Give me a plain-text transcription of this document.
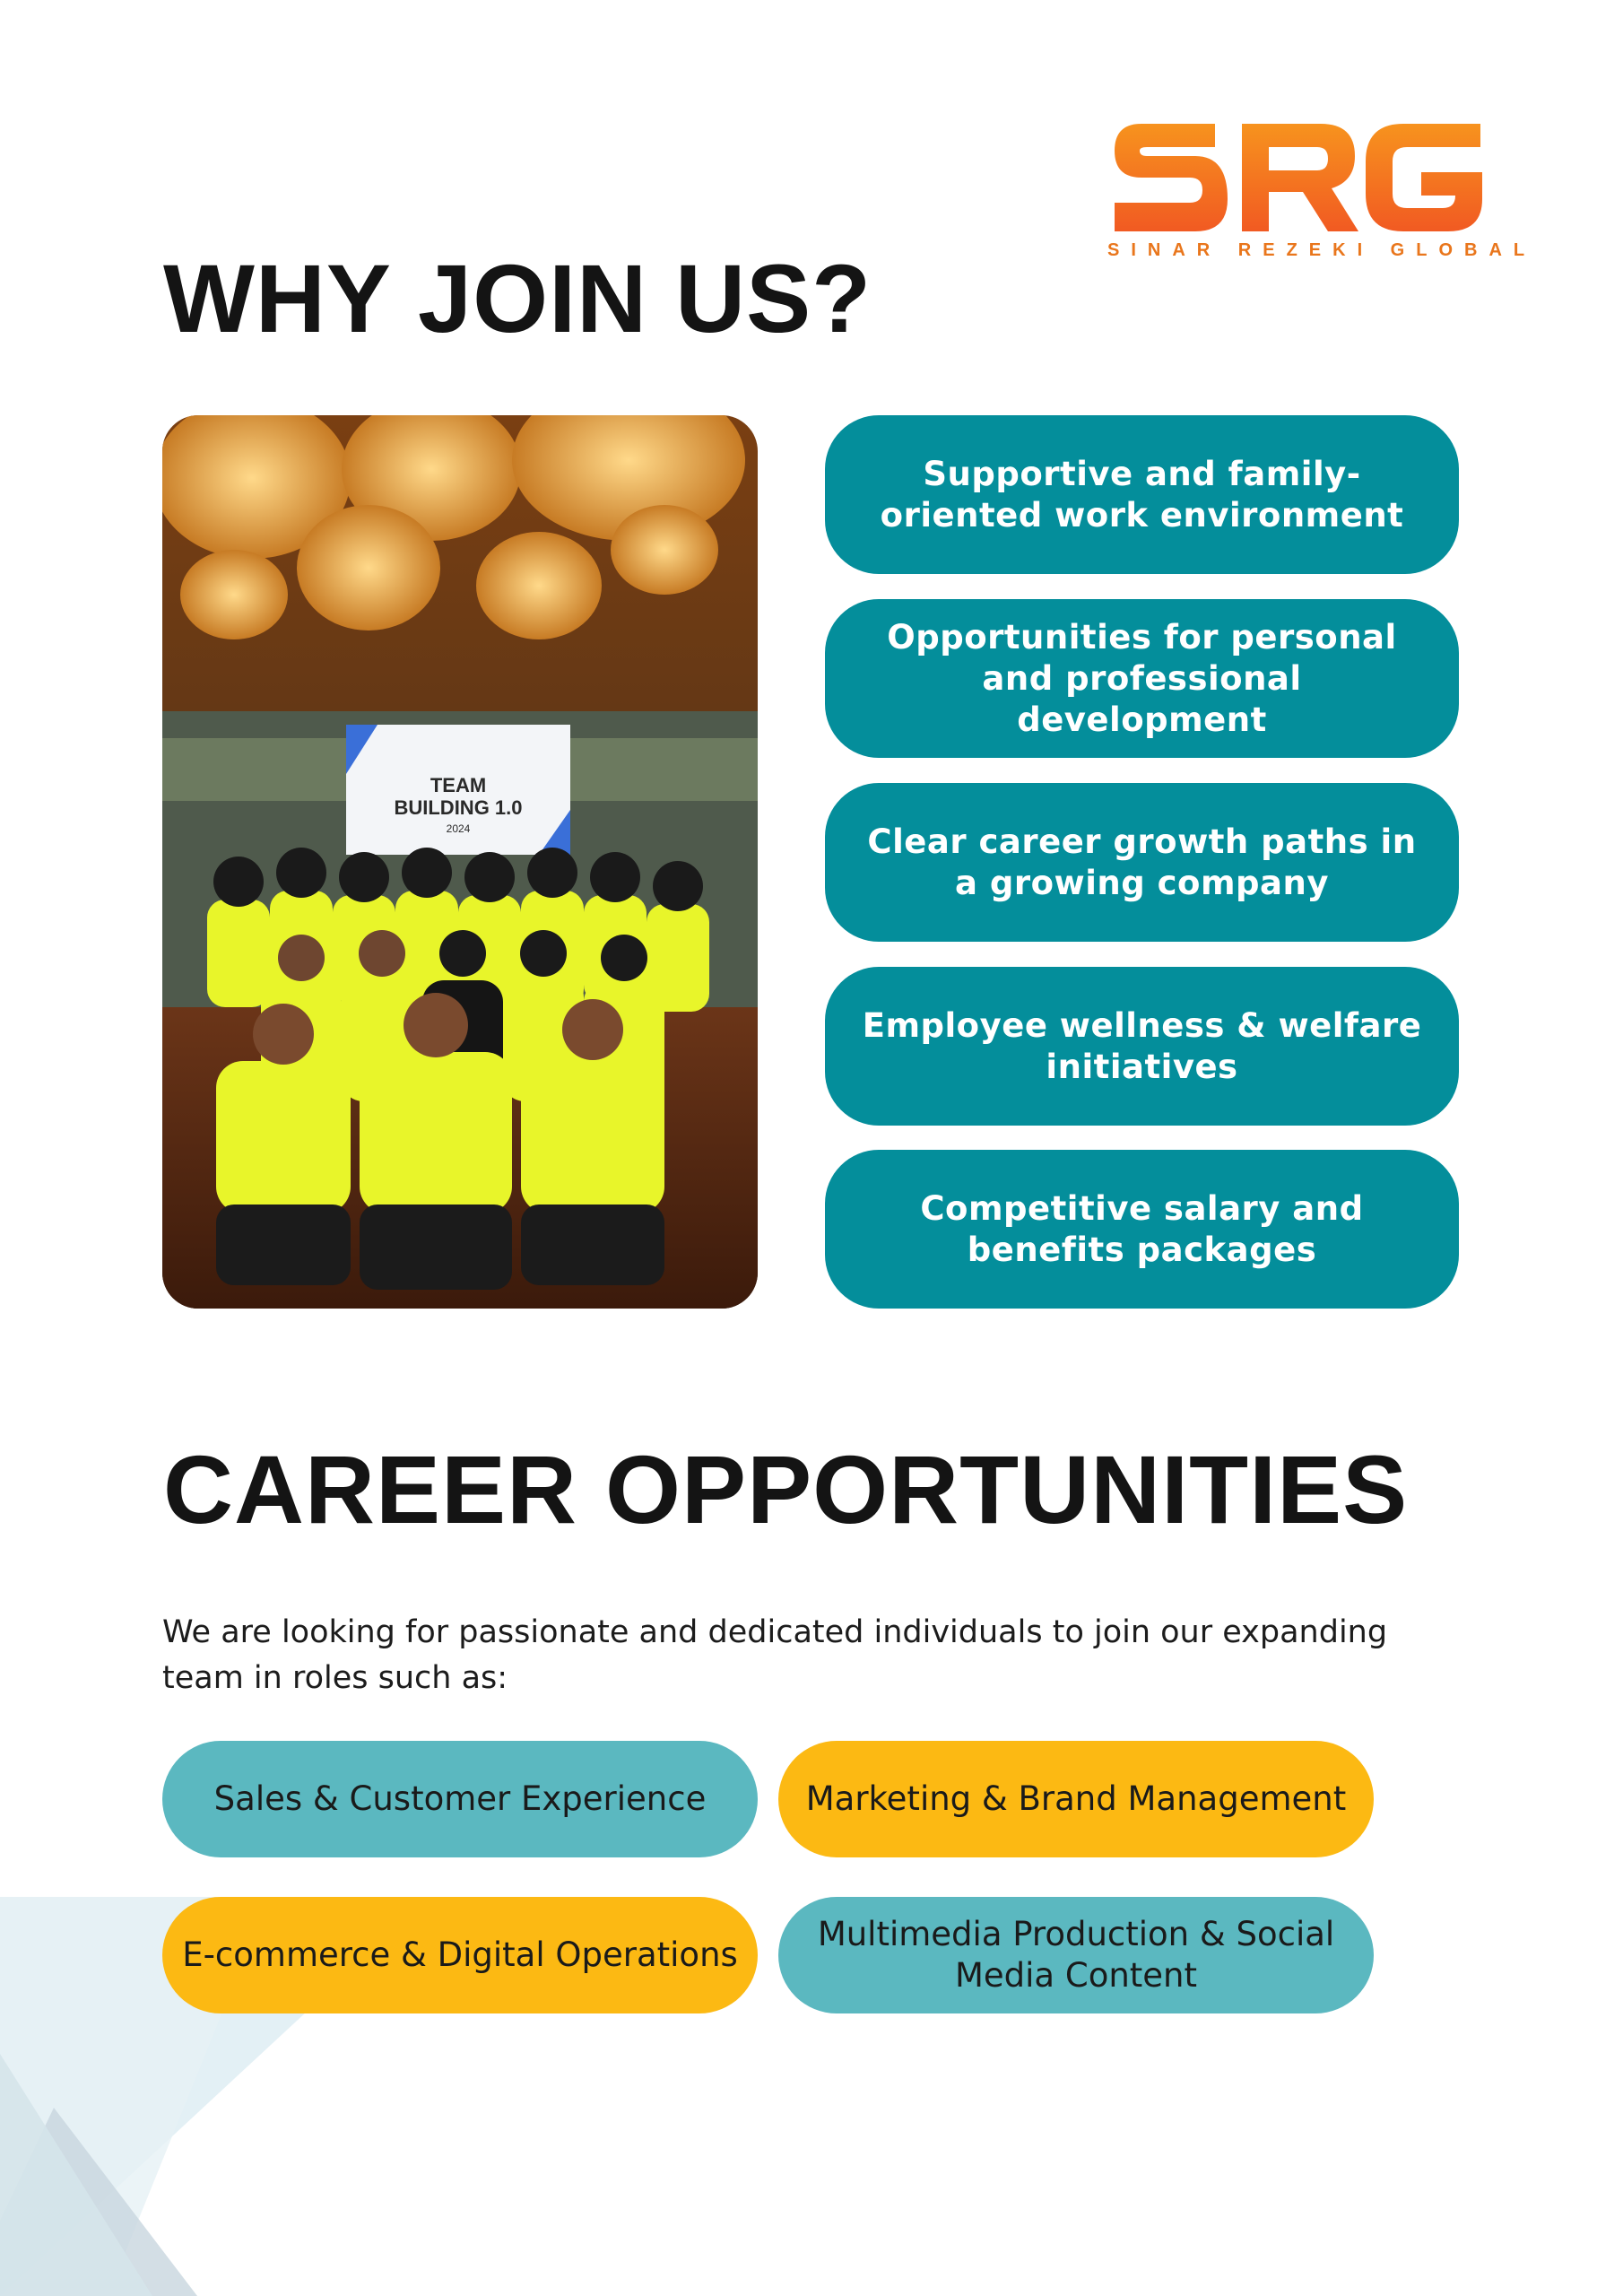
SINAR REZEKI GLOBAL
WHY JOIN US?
TEAM
BUILDING 1.0
2024
Supportive and family-oriented work environment
Opportunities for personal and professional development
Clear career growth paths in a growing company
Employee wellness & welfare initiatives
Competitive salary and benefits packages
CAREER OPPORTUNITIES

We are looking for passionate and dedicated individuals to join our expanding team in roles such as:

Sales & Customer Experience	Marketing & Brand Management
E-commerce & Digital Operations
Multimedia Production & Social Media Content
